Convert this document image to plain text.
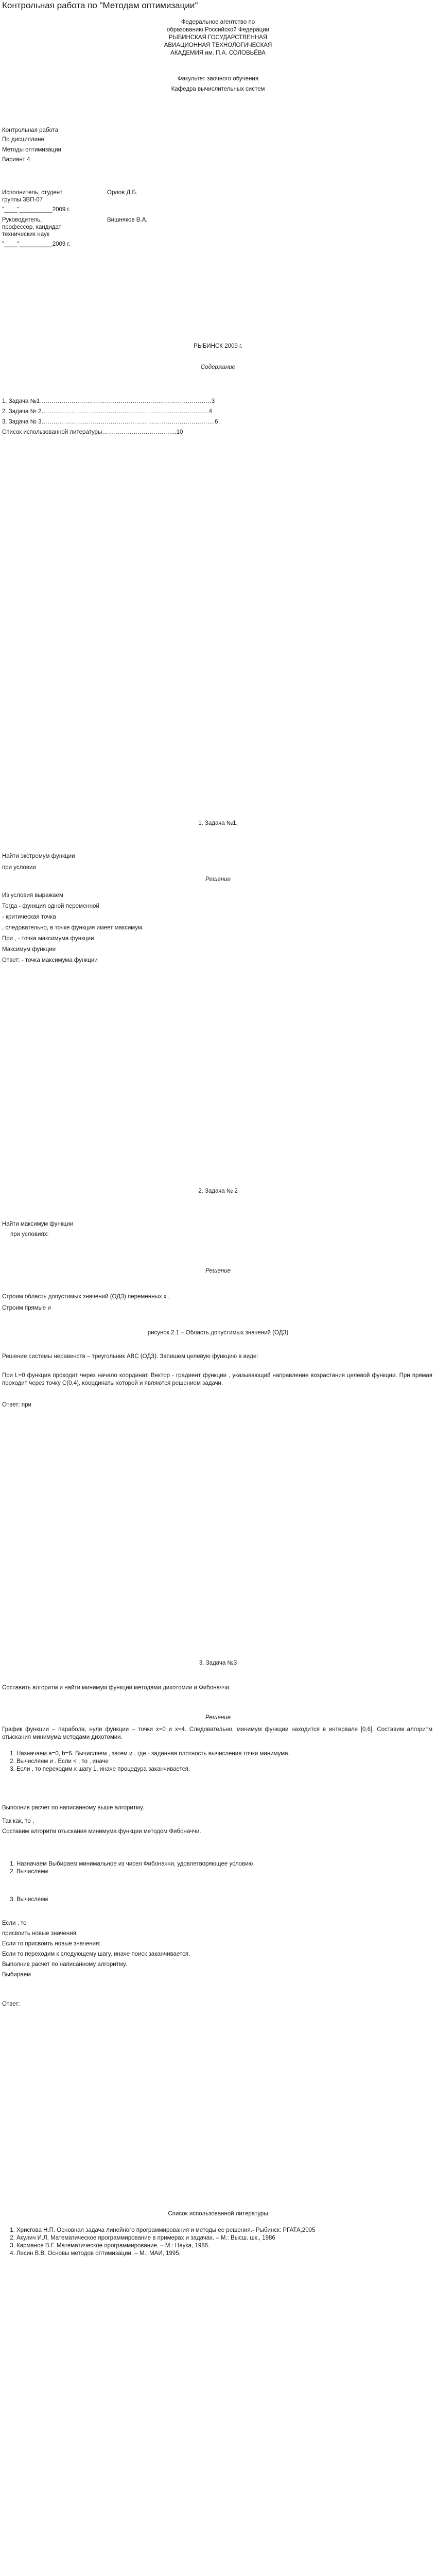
Контрольная работа по "Методам оптимизации"
Федеральное агентство по
образованию Российской Федерации
РЫБИНСКАЯ ГОСУДАРСТВЕННАЯ
АВИАЦИОННАЯ ТЕХНОЛОГИЧЕСКАЯ
АКАДЕМИЯ им. П.А. СОЛОВЬЁВА
Факультет заочного обучения
Кафедра вычислительных систем
Контрольная работа
По дисциплине:
Методы оптимизации
Вариант 4
Исполнитель, студент	Орлов Д.Б.
группы 3ВП-07
"____"__________2009 г.
Руководитель,	Вишняков В.А.
профессор, кандидат
технических наук
"____"__________2009 г.
РЫБИНСК 2009 г.
Содержание
1. Задача №1……………………………………………………………………………3
2. Задача № 2………………………………………………………………………….4
3. Задача № 3…………………………………………………………………………….6
Список использованной литературы………………………………..10
1. Задача №1.
Найти экстремум функции
при условии
Решение
Из условия выражаем
Тогда - функция одной переменной
- критическая точка
, следовательно, в точке функция имеет максимум.
При , - точка максимума функции
Максимум функции
Ответ: - точка максимума функции
2. Задача № 2
Найти максимум функции
при условиях:
Решение
Строим область допустимых значений (ОДЗ) переменных x ,
Строим прямые и
рисунок 2.1 – Область допустимых значений (ОДЗ)
Решение системы неравенств – треугольник ABC (ОДЗ). Запишем целевую функцию в виде:
При L=0 функция проходит через начало координат. Вектор - градиент функции , указывающий направление возрастания целевой функции. При прямая проходит через точку C(0,4), координаты которой и являются решением задачи.
Ответ: при
3. Задача №3
Составить алгоритм и найти минимум функции методами дихотомии и Фибоначчи.
Решение
График функции – парабола, нули функции – точки x=0 и x=4. Следовательно, минимум функции находится в интервале [0,6]. Составим алгоритм отыскания минимума методами дихотомии.
1. Назначаем a=0, b=6. Вычисляем , затем и , где - заданная плотность вычисления точки минимума.
2. Вычисляем и . Если < , то , иначе
3. Если , то переходим к шагу 1, иначе процедура заканчивается.
Выполнив расчет по написанному выше алгоритму.
Так как, то ,
Составим алгоритм отыскания минимума функции методом Фибоначчи.
1. Назначаем Выбираем минимальное из чисел Фибоначчи, удовлетворяющее условию
2. Вычисляем
3. Вычисляем
Если , то
присвоить новые значения:
Если то присвоить новые значения:
Если то переходим к следующему шагу, иначе поиск заканчивается.
Выполнив расчет по написанному алгоритму.
Выбираем
Ответ:
Список использованной литературы
1. Хрисгова Н.П. Основная задача линейного программирования и методы ее решения.- Рыбинск: РГАТА,2005
2. Акулич И.Л. Математическое программирование в примерах и задачах. – М.: Высш. шк., 1986
3. Карманов В.Г. Математическое программирование. – М.: Наука, 1986.
4. Лесин В.В. Основы методов оптимизации. – М.: МАИ, 1995.
